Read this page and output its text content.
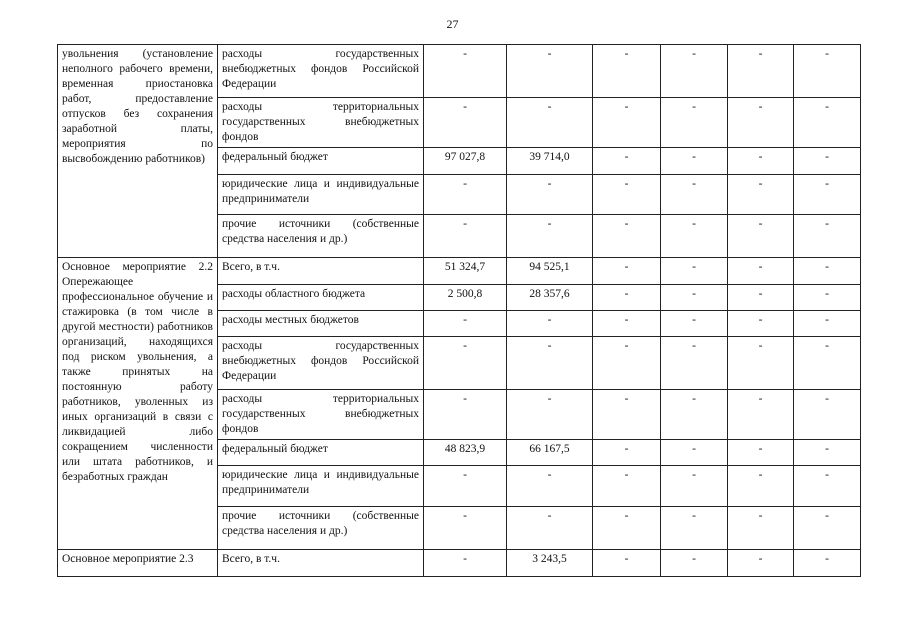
27
увольнения (установление неполного рабочего времени, временная приостановка работ, предоставление отпусков без сохранения заработной платы, мероприятия по высвобождению работников)	расходы государственных внебюджетных фондов Российской Федерации	-	-	-	-	-	-
	расходы территориальных государственных внебюджетных фондов	-	-	-	-	-	-
	федеральный бюджет	97 027,8	39 714,0	-	-	-	-
	юридические лица и индивидуальные предприниматели	-	-	-	-	-	-
	прочие источники (собственные средства населения и др.)	-	-	-	-	-	-
Основное мероприятие 2.2 Опережающее профессиональное обучение и стажировка (в том числе в другой местности) работников организаций, находящихся под риском увольнения, а также принятых на постоянную работу работников, уволенных из иных организаций в связи с ликвидацией либо сокращением численности или штата работников, и безработных граждан	Всего, в т.ч.	51 324,7	94 525,1	-	-	-	-
	расходы областного бюджета	2 500,8	28 357,6	-	-	-	-
	расходы местных бюджетов	-	-	-	-	-	-
	расходы государственных внебюджетных фондов Российской Федерации	-	-	-	-	-	-
	расходы территориальных государственных внебюджетных фондов	-	-	-	-	-	-
	федеральный бюджет	48 823,9	66 167,5	-	-	-	-
	юридические лица и индивидуальные предприниматели	-	-	-	-	-	-
	прочие источники (собственные средства населения и др.)	-	-	-	-	-	-
Основное мероприятие 2.3	Всего, в т.ч.	-	3 243,5	-	-	-	-
